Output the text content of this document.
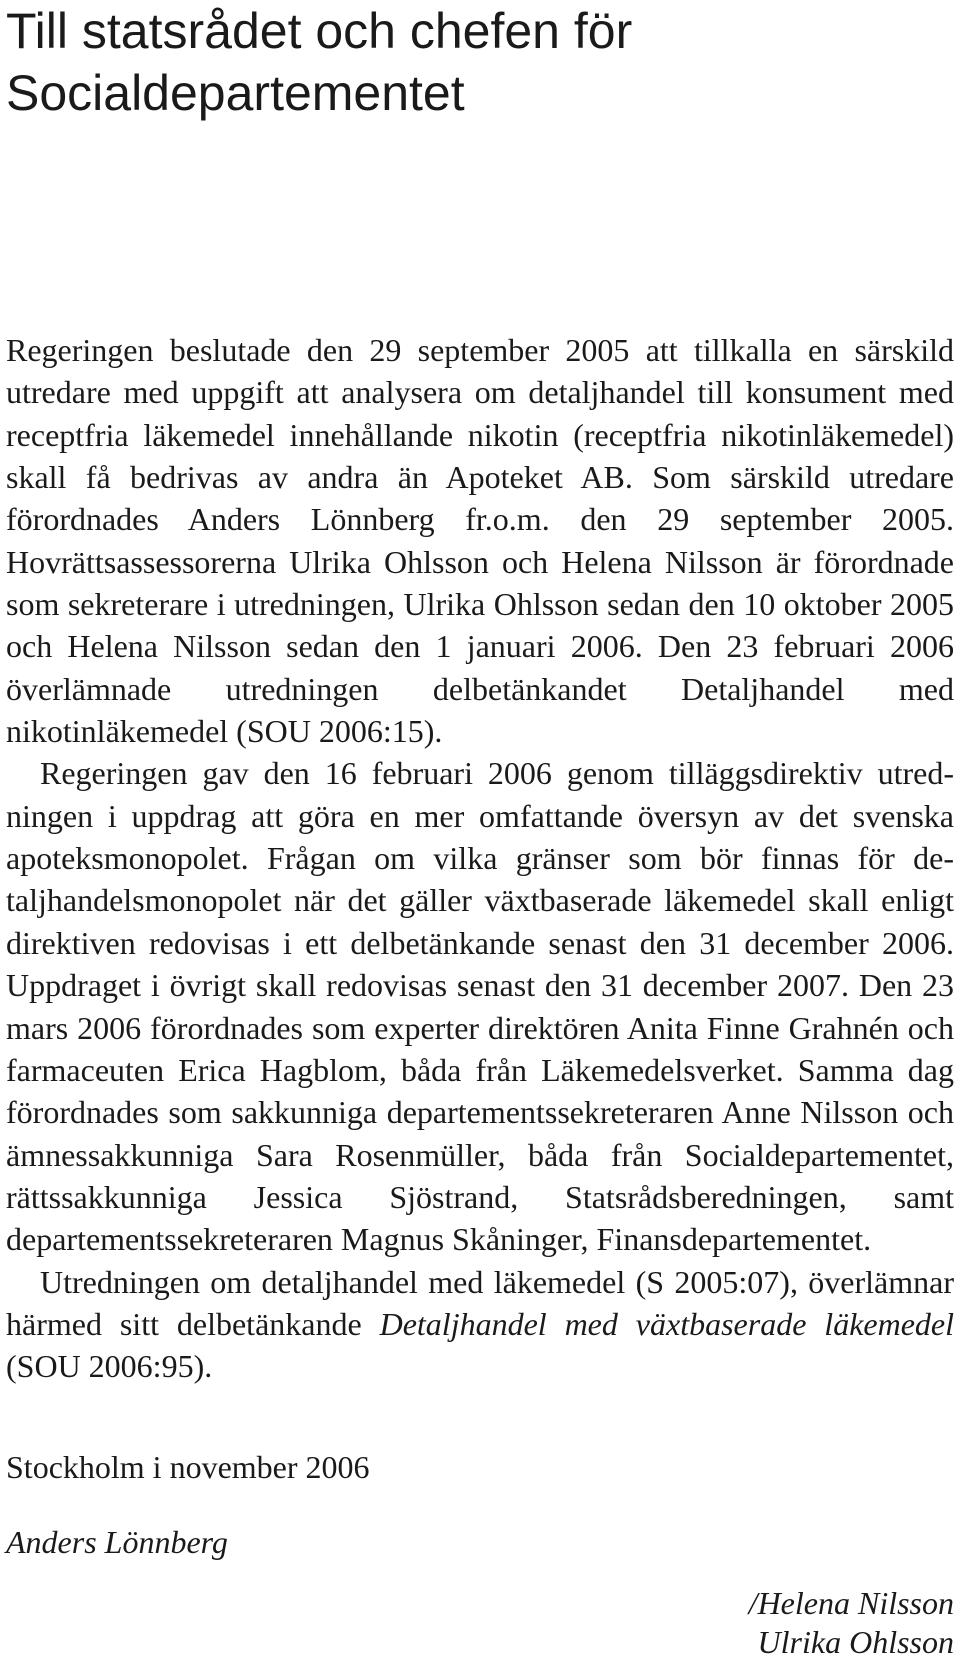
Till statsrådet och chefen för
Socialdepartementet

Regeringen beslutade den 29 september 2005 att tillkalla en särskild utredare med uppgift att analysera om detaljhandel till konsument med receptfria läkemedel innehållande nikotin (receptfria nikotinläkemedel) skall få bedrivas av andra än Apoteket AB. Som särskild utredare förordnades Anders Lönnberg fr.o.m. den 29 september 2005. Hovrättsassessorerna Ulrika Ohlsson och Helena Nilsson är förordnade som sekreterare i utredningen, Ulrika Ohlsson sedan den 10 oktober 2005 och Helena Nilsson sedan den 1 januari 2006. Den 23 februari 2006 överlämnade utredningen delbetänkandet Detaljhandel med nikotinläkemedel (SOU 2006:15).

Regeringen gav den 16 februari 2006 genom tilläggsdirektiv utredningen i uppdrag att göra en mer omfattande översyn av det svenska apoteksmonopolet. Frågan om vilka gränser som bör finnas för detaljhandelsmonopolet när det gäller växtbaserade läkemedel skall enligt direktiven redovisas i ett delbetänkande senast den 31 december 2006. Uppdraget i övrigt skall redovisas senast den 31 december 2007. Den 23 mars 2006 förordnades som experter direktören Anita Finne Grahnén och farmaceuten Erica Hagblom, båda från Läkemedelsverket. Samma dag förordnades som sakkunniga departementssekreteraren Anne Nilsson och ämnessakkunniga Sara Rosenmüller, båda från Socialdepartementet, rättssakkunniga Jessica Sjöstrand, Statsrådsberedningen, samt departementssekreteraren Magnus Skåninger, Finansdepartementet.

Utredningen om detaljhandel med läkemedel (S 2005:07), överlämnar härmed sitt delbetänkande Detaljhandel med växtbaserade läkemedel (SOU 2006:95).

Stockholm i november 2006

Anders Lönnberg

/Helena Nilsson

Ulrika Ohlsson
